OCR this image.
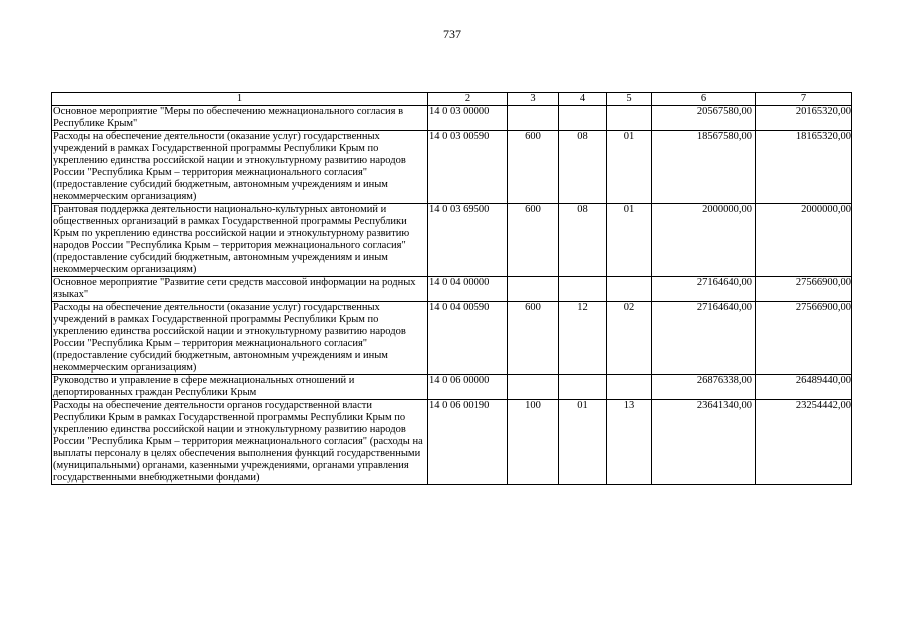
737
1	2	3	4	5	6	7
Основное мероприятие "Меры по обеспечению межнационального согласия в Республике Крым"	14 0 03 00000				20567580,00	20165320,00
Расходы на обеспечение деятельности (оказание услуг) государственных учреждений в рамках Государственной программы Республики Крым по укреплению единства российской нации и этнокультурному развитию народов России "Республика Крым – территория межнационального согласия" (предоставление субсидий бюджетным, автономным учреждениям и иным некоммерческим организациям)	14 0 03 00590	600	08	01	18567580,00	18165320,00
Грантовая поддержка деятельности национально-культурных автономий и общественных организаций в рамках Государственной программы Республики Крым по укреплению единства российской нации и этнокультурному развитию народов России "Республика Крым – территория межнационального согласия" (предоставление субсидий бюджетным, автономным учреждениям и иным некоммерческим организациям)	14 0 03 69500	600	08	01	2000000,00	2000000,00
Основное мероприятие "Развитие сети средств массовой информации на родных языках"	14 0 04 00000				27164640,00	27566900,00
Расходы на обеспечение деятельности (оказание услуг) государственных учреждений в рамках Государственной программы Республики Крым по укреплению единства российской нации и этнокультурному развитию народов России "Республика Крым – территория межнационального согласия" (предоставление субсидий бюджетным, автономным учреждениям и иным некоммерческим организациям)	14 0 04 00590	600	12	02	27164640,00	27566900,00
Руководство и управление в сфере межнациональных отношений и депортированных граждан Республики Крым	14 0 06 00000				26876338,00	26489440,00
Расходы на обеспечение деятельности органов государственной власти Республики Крым в рамках Государственной программы Республики Крым по укреплению единства российской нации и этнокультурному развитию народов России "Республика Крым – территория межнационального согласия" (расходы на выплаты персоналу в целях обеспечения выполнения функций государственными (муниципальными) органами, казенными учреждениями, органами управления государственными внебюджетными фондами)	14 0 06 00190	100	01	13	23641340,00	23254442,00
